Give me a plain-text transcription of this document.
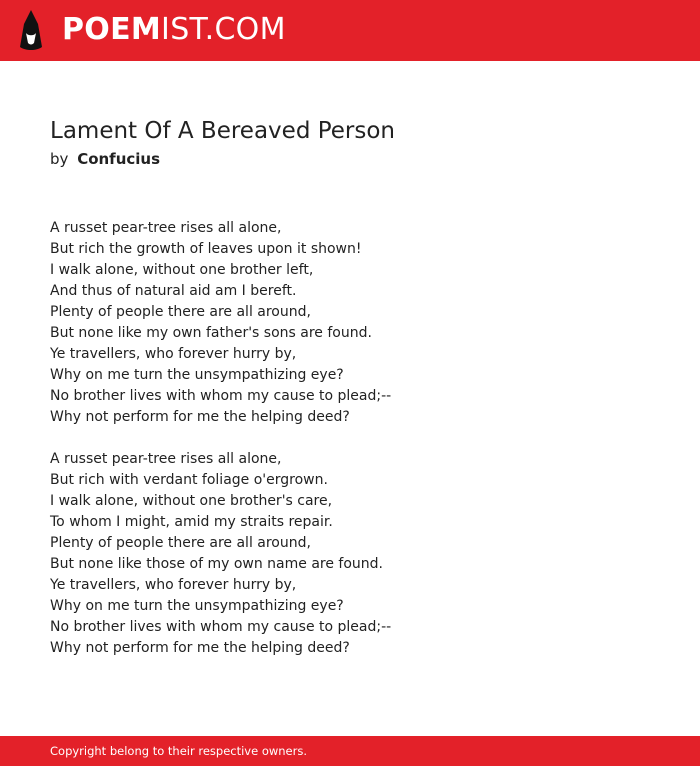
POEMIST.COM
Lament Of A Bereaved Person
by Confucius
A russet pear-tree rises all alone,
But rich the growth of leaves upon it shown!
I walk alone, without one brother left,
And thus of natural aid am I bereft.
Plenty of people there are all around,
But none like my own father's sons are found.
Ye travellers, who forever hurry by,
Why on me turn the unsympathizing eye?
No brother lives with whom my cause to plead;--
Why not perform for me the helping deed?
A russet pear-tree rises all alone,
But rich with verdant foliage o'ergrown.
I walk alone, without one brother's care,
To whom I might, amid my straits repair.
Plenty of people there are all around,
But none like those of my own name are found.
Ye travellers, who forever hurry by,
Why on me turn the unsympathizing eye?
No brother lives with whom my cause to plead;--
Why not perform for me the helping deed?
Copyright belong to their respective owners.
